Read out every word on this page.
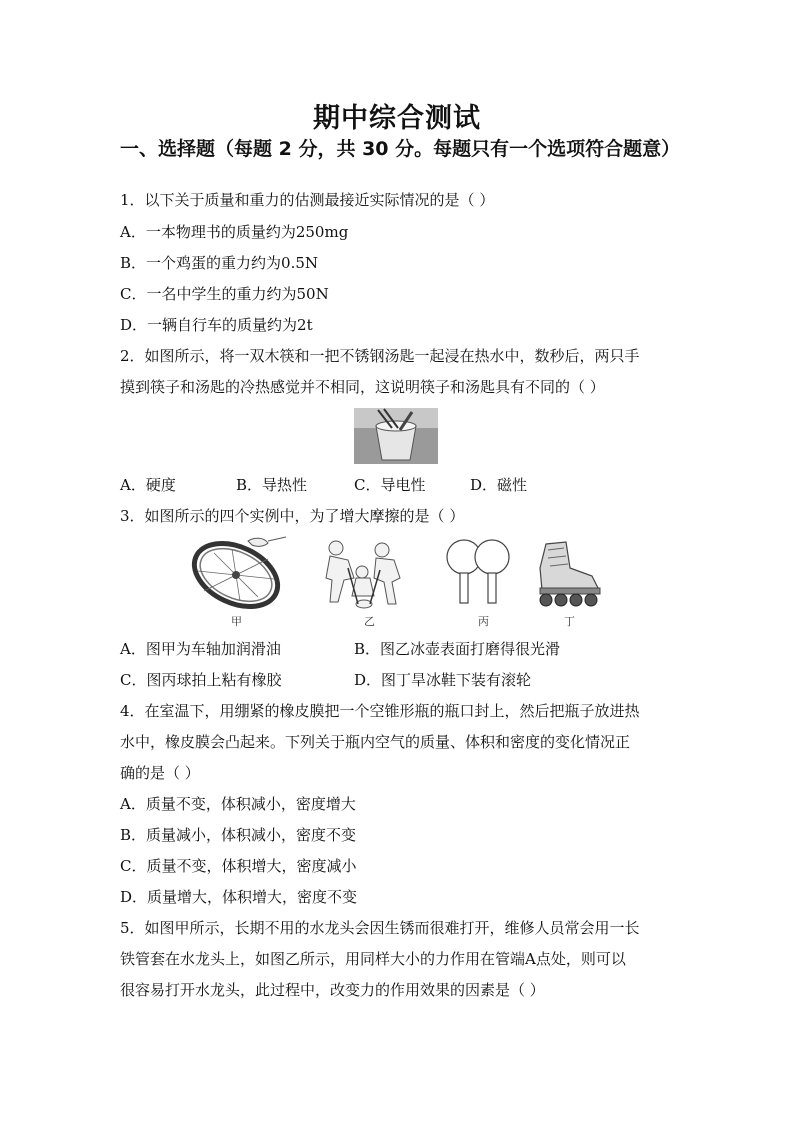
期中综合测试
一、选择题（每题 2 分，共 30 分。每题只有一个选项符合题意）
1．以下关于质量和重力的估测最接近实际情况的是（ ）
A．一本物理书的质量约为250mg
B．一个鸡蛋的重力约为0.5N
C．一名中学生的重力约为50N
D．一辆自行车的质量约为2t
2．如图所示，将一双木筷和一把不锈钢汤匙一起浸在热水中，数秒后，两只手
摸到筷子和汤匙的冷热感觉并不相同，这说明筷子和汤匙具有不同的（ ）
A．硬度	B．导热性	C．导电性	D．磁性
3．如图所示的四个实例中，为了增大摩擦的是（ ）
甲	乙	丙	丁
A．图甲为车轴加润滑油	B．图乙冰壶表面打磨得很光滑
C．图丙球拍上粘有橡胶	D．图丁旱冰鞋下装有滚轮
4．在室温下，用绷紧的橡皮膜把一个空锥形瓶的瓶口封上，然后把瓶子放进热
水中，橡皮膜会凸起来。下列关于瓶内空气的质量、体积和密度的变化情况正
确的是（ ）
A．质量不变，体积减小，密度增大
B．质量减小，体积减小，密度不变
C．质量不变，体积增大，密度减小
D．质量增大，体积增大，密度不变
5．如图甲所示，长期不用的水龙头会因生锈而很难打开，维修人员常会用一长
铁管套在水龙头上，如图乙所示，用同样大小的力作用在管端A点处，则可以
很容易打开水龙头，此过程中，改变力的作用效果的因素是（ ）
